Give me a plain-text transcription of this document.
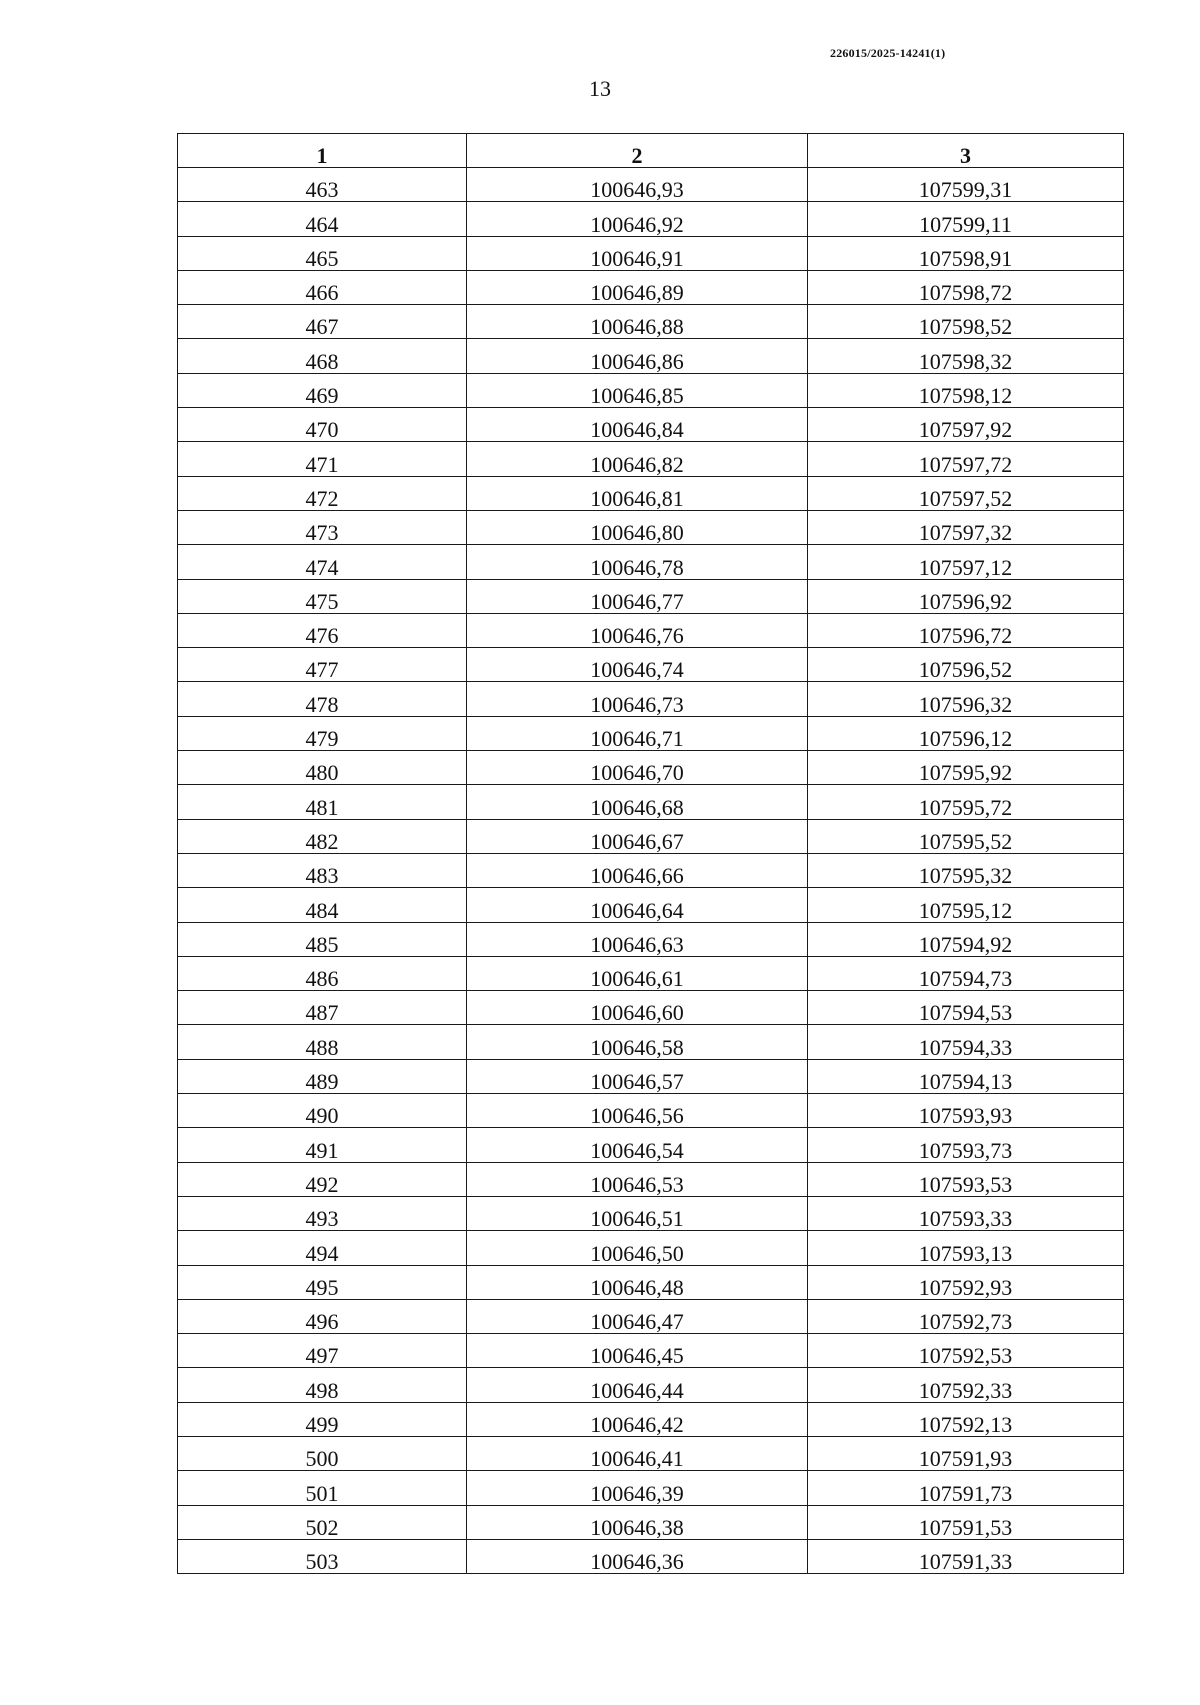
226015/2025-14241(1)
13
1	2	3
463	100646,93	107599,31
464	100646,92	107599,11
465	100646,91	107598,91
466	100646,89	107598,72
467	100646,88	107598,52
468	100646,86	107598,32
469	100646,85	107598,12
470	100646,84	107597,92
471	100646,82	107597,72
472	100646,81	107597,52
473	100646,80	107597,32
474	100646,78	107597,12
475	100646,77	107596,92
476	100646,76	107596,72
477	100646,74	107596,52
478	100646,73	107596,32
479	100646,71	107596,12
480	100646,70	107595,92
481	100646,68	107595,72
482	100646,67	107595,52
483	100646,66	107595,32
484	100646,64	107595,12
485	100646,63	107594,92
486	100646,61	107594,73
487	100646,60	107594,53
488	100646,58	107594,33
489	100646,57	107594,13
490	100646,56	107593,93
491	100646,54	107593,73
492	100646,53	107593,53
493	100646,51	107593,33
494	100646,50	107593,13
495	100646,48	107592,93
496	100646,47	107592,73
497	100646,45	107592,53
498	100646,44	107592,33
499	100646,42	107592,13
500	100646,41	107591,93
501	100646,39	107591,73
502	100646,38	107591,53
503	100646,36	107591,33
